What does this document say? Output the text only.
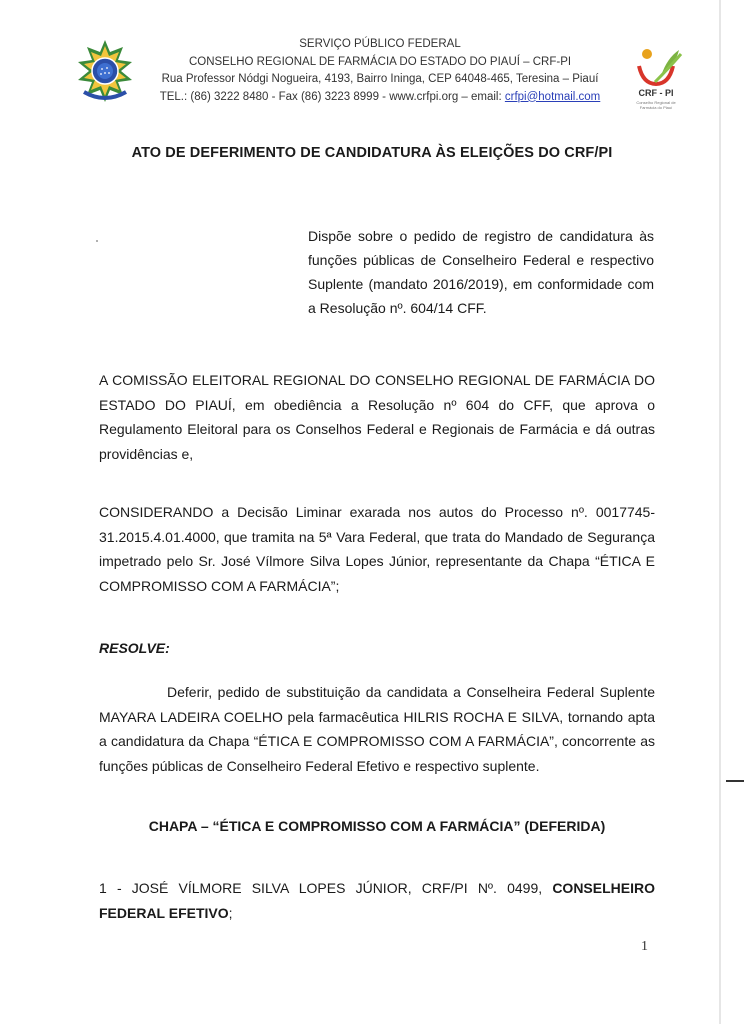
SERVIÇO PÚBLICO FEDERAL
CONSELHO REGIONAL DE FARMÁCIA DO ESTADO DO PIAUÍ – CRF-PI
Rua Professor Nódgi Nogueira, 4193, Bairro Ininga, CEP 64048-465, Teresina – Piauí
TEL.: (86) 3222 8480 - Fax (86) 3223 8999 - www.crfpi.org – email: crfpi@hotmail.com	CRF - PI
Conselho Regional de Farmácia do Piauí
ATO DE DEFERIMENTO DE CANDIDATURA ÀS ELEIÇÕES DO CRF/PI
Dispõe sobre o pedido de registro de candidatura às funções públicas de Conselheiro Federal e respectivo Suplente (mandato 2016/2019), em conformidade com a Resolução nº. 604/14 CFF.
A COMISSÃO ELEITORAL REGIONAL DO CONSELHO REGIONAL DE FARMÁCIA DO ESTADO DO PIAUÍ, em obediência a Resolução nº 604 do CFF, que aprova o Regulamento Eleitoral para os Conselhos Federal e Regionais de Farmácia e dá outras providências e,
CONSIDERANDO a Decisão Liminar exarada nos autos do Processo nº. 0017745-31.2015.4.01.4000, que tramita na 5ª Vara Federal, que trata do Mandado de Segurança impetrado pelo Sr. José Vílmore Silva Lopes Júnior, representante da Chapa “ÉTICA E COMPROMISSO COM A FARMÁCIA”;
RESOLVE:
Deferir, pedido de substituição da candidata a Conselheira Federal Suplente MAYARA LADEIRA COELHO pela farmacêutica HILRIS ROCHA E SILVA, tornando apta a candidatura da Chapa “ÉTICA E COMPROMISSO COM A FARMÁCIA”, concorrente as funções públicas de Conselheiro Federal Efetivo e respectivo suplente.
CHAPA – “ÉTICA E COMPROMISSO COM A FARMÁCIA” (DEFERIDA)
1 - JOSÉ VÍLMORE SILVA LOPES JÚNIOR, CRF/PI Nº. 0499, CONSELHEIRO FEDERAL EFETIVO;
1
